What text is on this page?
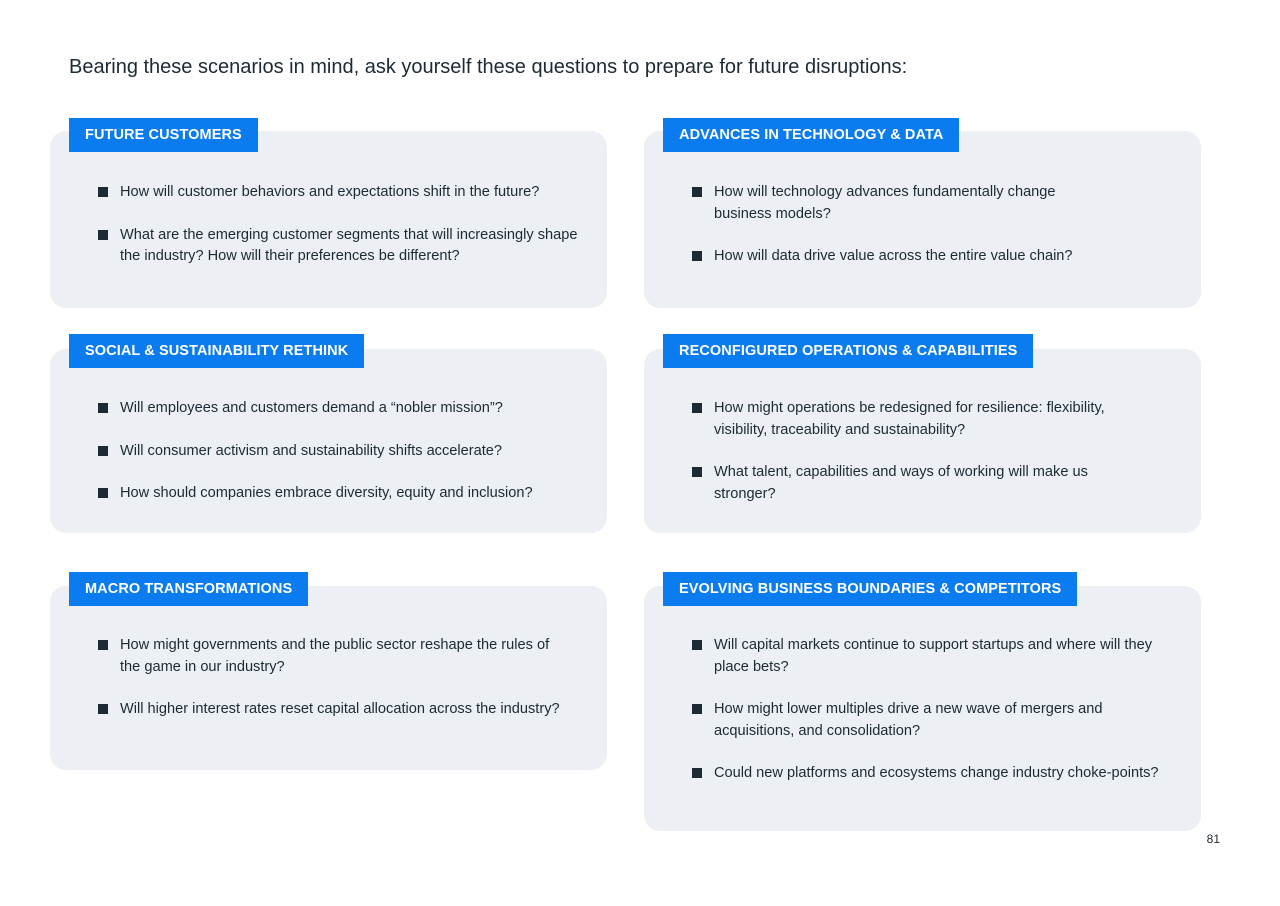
Bearing these scenarios in mind, ask yourself these questions to prepare for future disruptions:
FUTURE CUSTOMERS
How will customer behaviors and expectations shift in the future?
What are the emerging customer segments that will increasingly shape the industry? How will their preferences be different?
ADVANCES IN TECHNOLOGY & DATA
How will technology advances fundamentally change business models?
How will data drive value across the entire value chain?
SOCIAL & SUSTAINABILITY RETHINK
Will employees and customers demand a “nobler mission”?
Will consumer activism and sustainability shifts accelerate?
How should companies embrace diversity, equity and inclusion?
RECONFIGURED OPERATIONS & CAPABILITIES
How might operations be redesigned for resilience: flexibility, visibility, traceability and sustainability?
What talent, capabilities and ways of working will make us stronger?
MACRO TRANSFORMATIONS
How might governments and the public sector reshape the rules of the game in our industry?
Will higher interest rates reset capital allocation across the industry?
EVOLVING BUSINESS BOUNDARIES & COMPETITORS
Will capital markets continue to support startups and where will they place bets?
How might lower multiples drive a new wave of mergers and acquisitions, and consolidation?
Could new platforms and ecosystems change industry choke-points?
81
